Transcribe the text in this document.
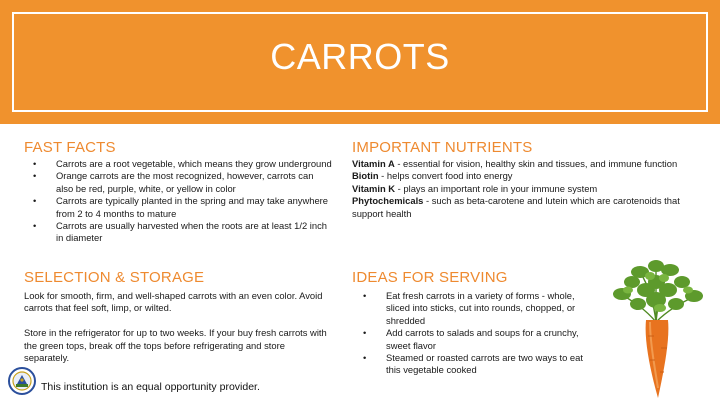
CARROTS
FAST FACTS
• Carrots are a root vegetable, which means they grow underground
• Orange carrots are the most recognized, however, carrots can also be red, purple, white, or yellow in color
• Carrots are typically planted in the spring and may take anywhere from 2 to 4 months to mature
• Carrots are usually harvested when the roots are at least 1/2 inch in diameter
IMPORTANT NUTRIENTS
Vitamin A - essential for vision, healthy skin and tissues, and immune function
Biotin - helps convert food into energy
Vitamin K - plays an important role in your immune system
Phytochemicals - such as beta-carotene and lutein which are carotenoids that support health
SELECTION & STORAGE
Look for smooth, firm, and well-shaped carrots with an even color. Avoid carrots that feel soft, limp, or wilted.
Store in the refrigerator for up to two weeks. If your buy fresh carrots with the green tops, break off the tops before refrigerating and store separately.
IDEAS FOR SERVING
• Eat fresh carrots in a variety of forms - whole, sliced into sticks, cut into rounds, chopped, or shredded
• Add carrots to salads and soups for a crunchy, sweet flavor
• Steamed or roasted carrots are two ways to eat this vegetable cooked
This institution is an equal opportunity provider.
